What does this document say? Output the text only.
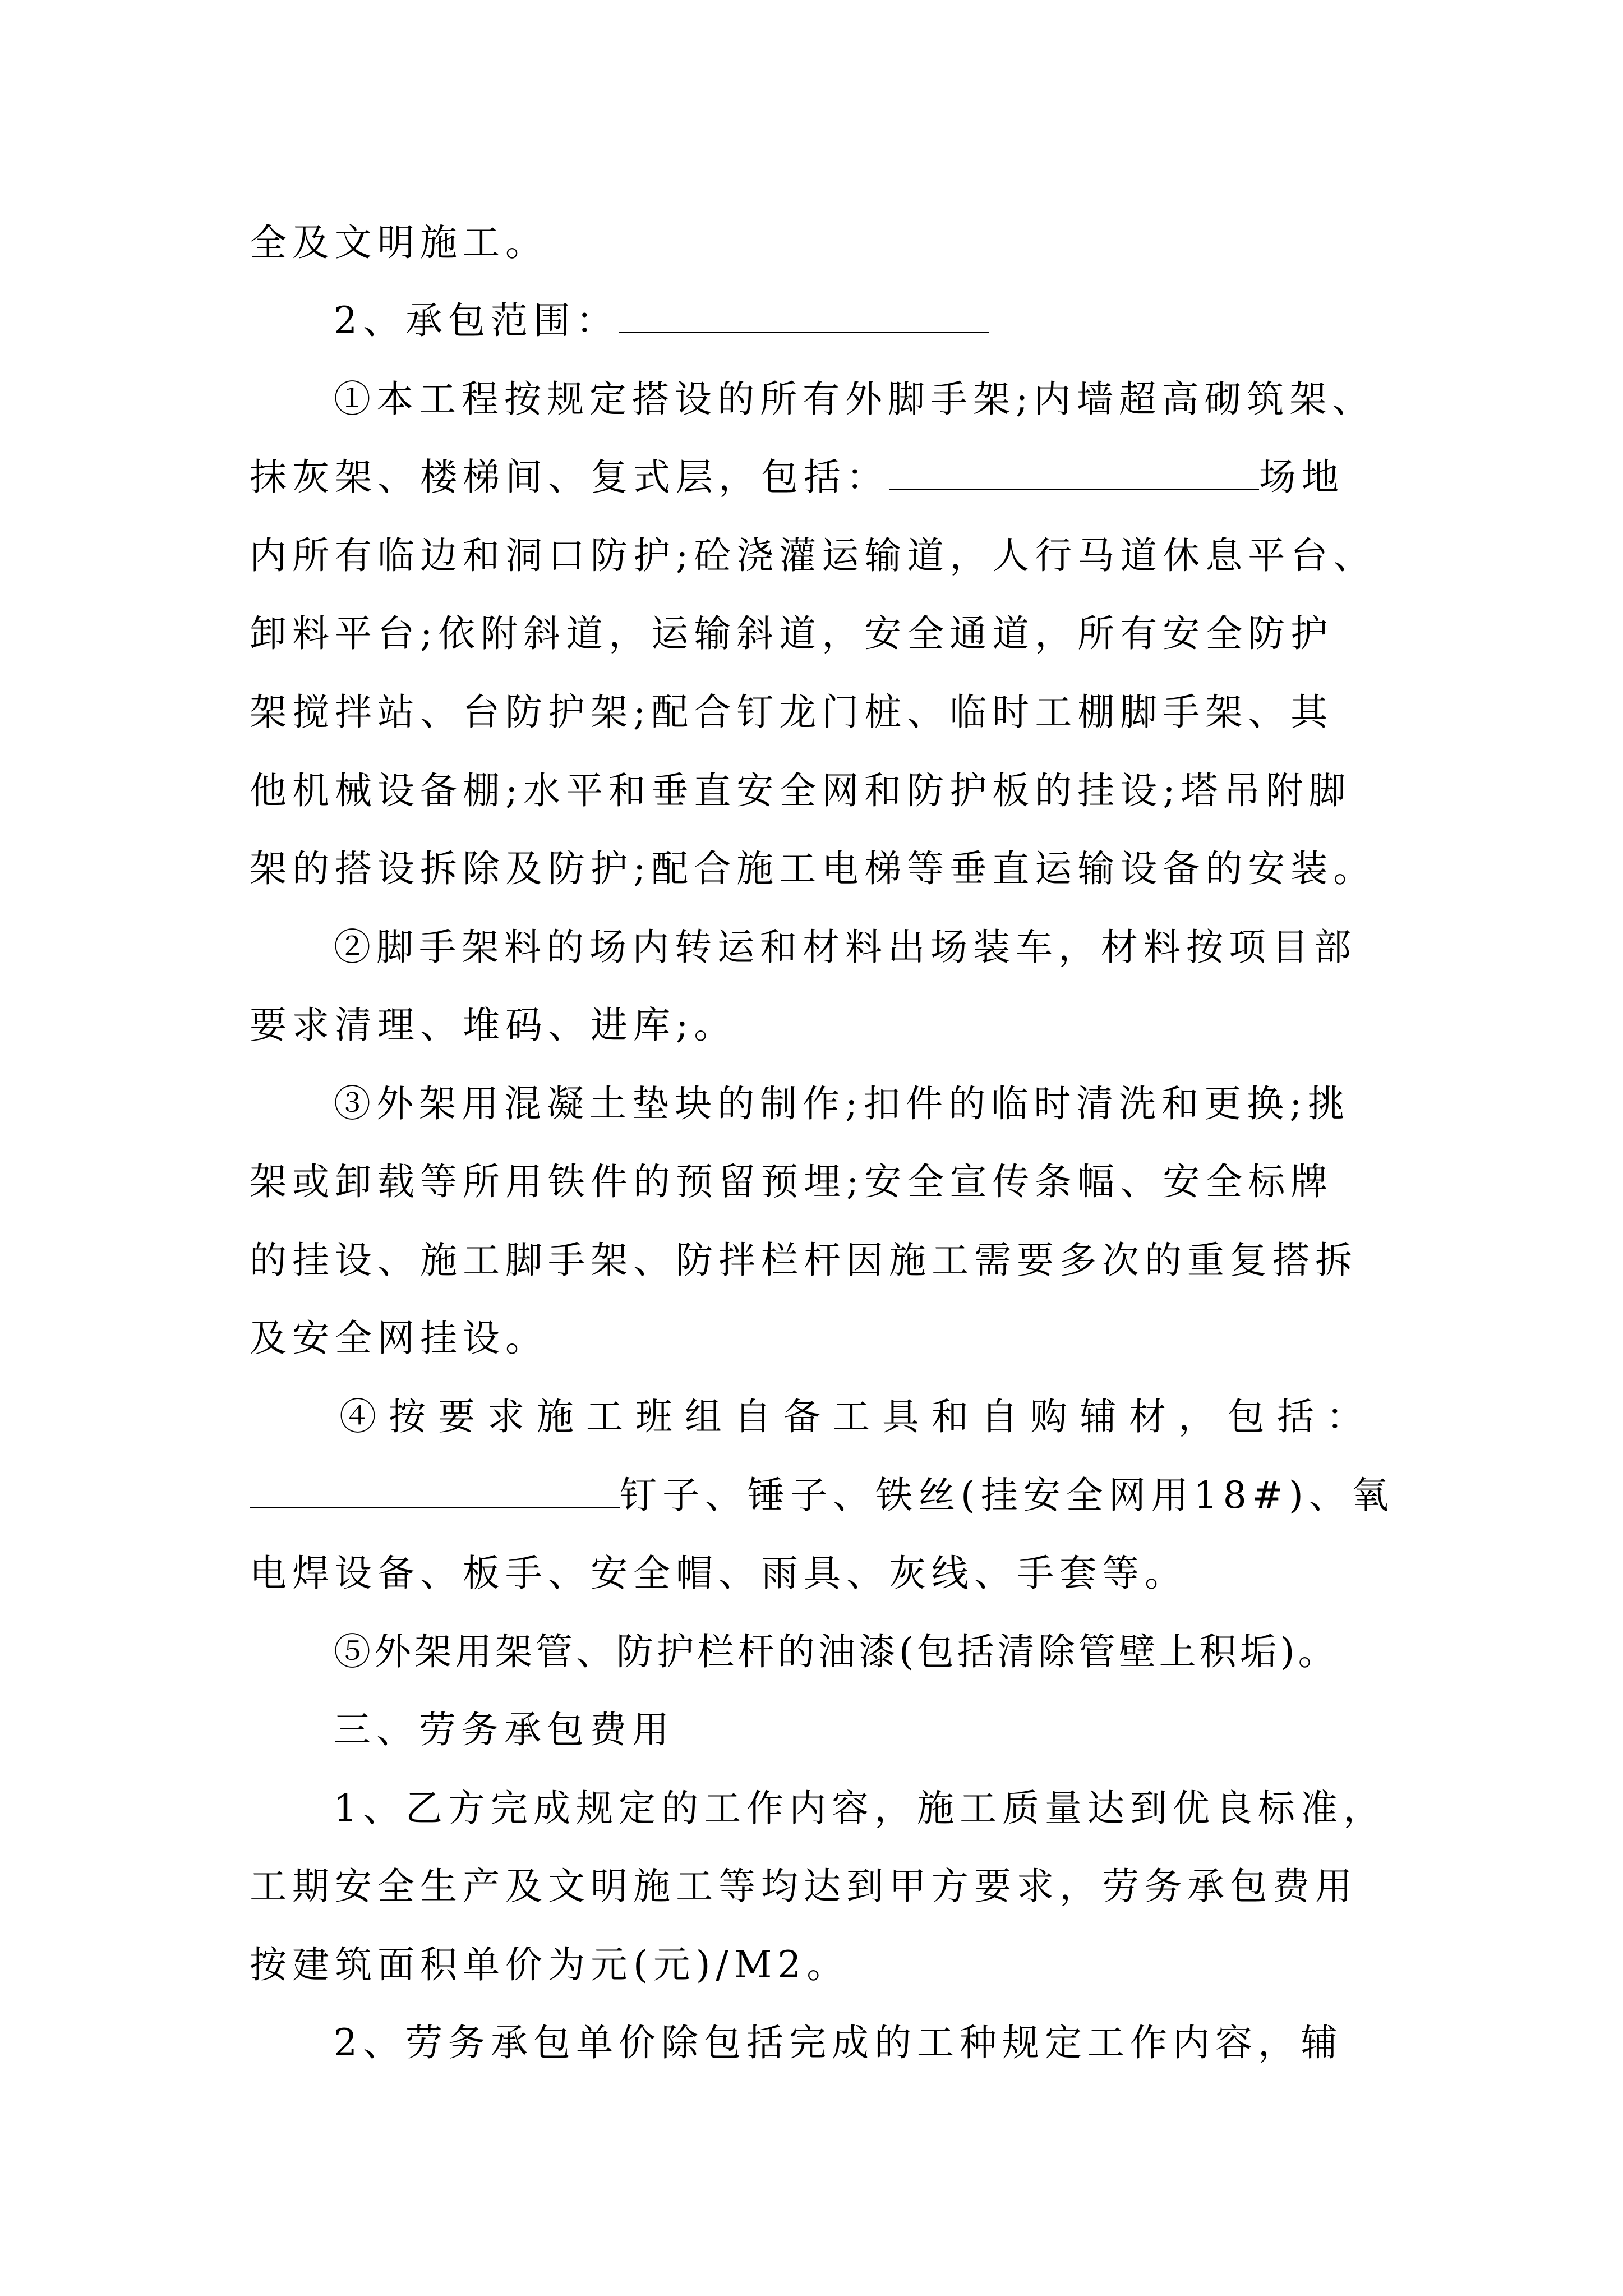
全及文明施工。
2、承包范围：
①本工程按规定搭设的所有外脚手架;内墙超高砌筑架、
抹灰架、楼梯间、复式层，包括：	场地
内所有临边和洞口防护;砼浇灌运输道，人行马道休息平台、
卸料平台;依附斜道，运输斜道，安全通道，所有安全防护
架搅拌站、台防护架;配合钉龙门桩、临时工棚脚手架、其
他机械设备棚;水平和垂直安全网和防护板的挂设;塔吊附脚
架的搭设拆除及防护;配合施工电梯等垂直运输设备的安装。
②脚手架料的场内转运和材料出场装车，材料按项目部
要求清理、堆码、进库;。
③外架用混凝土垫块的制作;扣件的临时清洗和更换;挑
架或卸载等所用铁件的预留预埋;安全宣传条幅、安全标牌
的挂设、施工脚手架、防拌栏杆因施工需要多次的重复搭拆
及安全网挂设。
④按要求施工班组自备工具和自购辅材，包括：
钉子、锤子、铁丝(挂安全网用18#)、氧
电焊设备、板手、安全帽、雨具、灰线、手套等。
⑤外架用架管、防护栏杆的油漆(包括清除管壁上积垢)。
三、劳务承包费用
1、乙方完成规定的工作内容，施工质量达到优良标准，
工期安全生产及文明施工等均达到甲方要求，劳务承包费用
按建筑面积单价为元(元)/M2。
2、劳务承包单价除包括完成的工种规定工作内容，辅
